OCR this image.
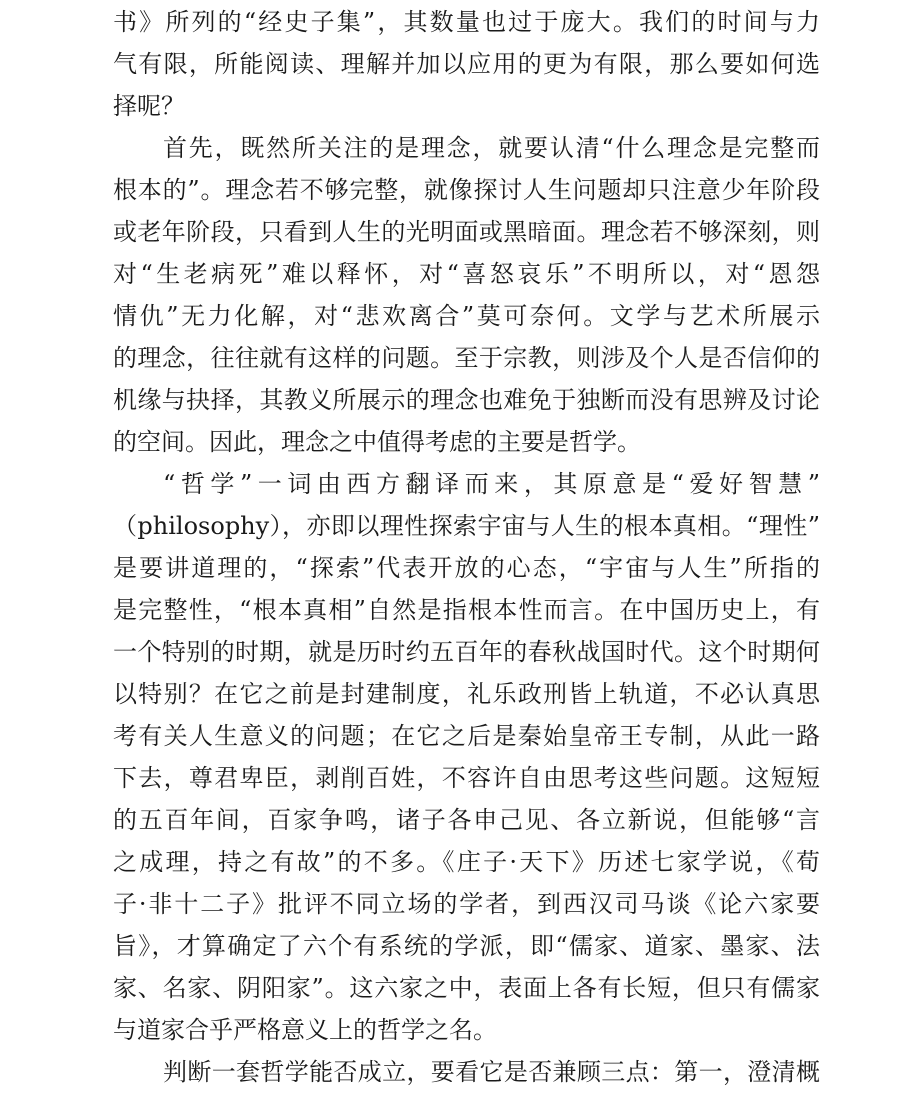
书》所列的“经史子集”，其数量也过于庞大。我们的时间与力
气有限，所能阅读、理解并加以应用的更为有限，那么要如何选
择呢？
首先，既然所关注的是理念，就要认清“什么理念是完整而
根本的”。理念若不够完整，就像探讨人生问题却只注意少年阶段
或老年阶段，只看到人生的光明面或黑暗面。理念若不够深刻，则
对“生老病死”难以释怀，对“喜怒哀乐”不明所以，对“恩怨
情仇”无力化解，对“悲欢离合”莫可奈何。文学与艺术所展示
的理念，往往就有这样的问题。至于宗教，则涉及个人是否信仰的
机缘与抉择，其教义所展示的理念也难免于独断而没有思辨及讨论
的空间。因此，理念之中值得考虑的主要是哲学。
“哲学”一词由西方翻译而来，其原意是“爱好智慧”
（philosophy），亦即以理性探索宇宙与人生的根本真相。“理性”
是要讲道理的，“探索”代表开放的心态，“宇宙与人生”所指的
是完整性，“根本真相”自然是指根本性而言。在中国历史上，有
一个特别的时期，就是历时约五百年的春秋战国时代。这个时期何
以特别？在它之前是封建制度，礼乐政刑皆上轨道，不必认真思
考有关人生意义的问题；在它之后是秦始皇帝王专制，从此一路
下去，尊君卑臣，剥削百姓，不容许自由思考这些问题。这短短
的五百年间，百家争鸣，诸子各申己见、各立新说，但能够“言
之成理，持之有故”的不多。《庄子·天下》历述七家学说，《荀
子·非十二子》批评不同立场的学者，到西汉司马谈《论六家要
旨》，才算确定了六个有系统的学派，即“儒家、道家、墨家、法
家、名家、阴阳家”。这六家之中，表面上各有长短，但只有儒家
与道家合乎严格意义上的哲学之名。
判断一套哲学能否成立，要看它是否兼顾三点：第一，澄清概
